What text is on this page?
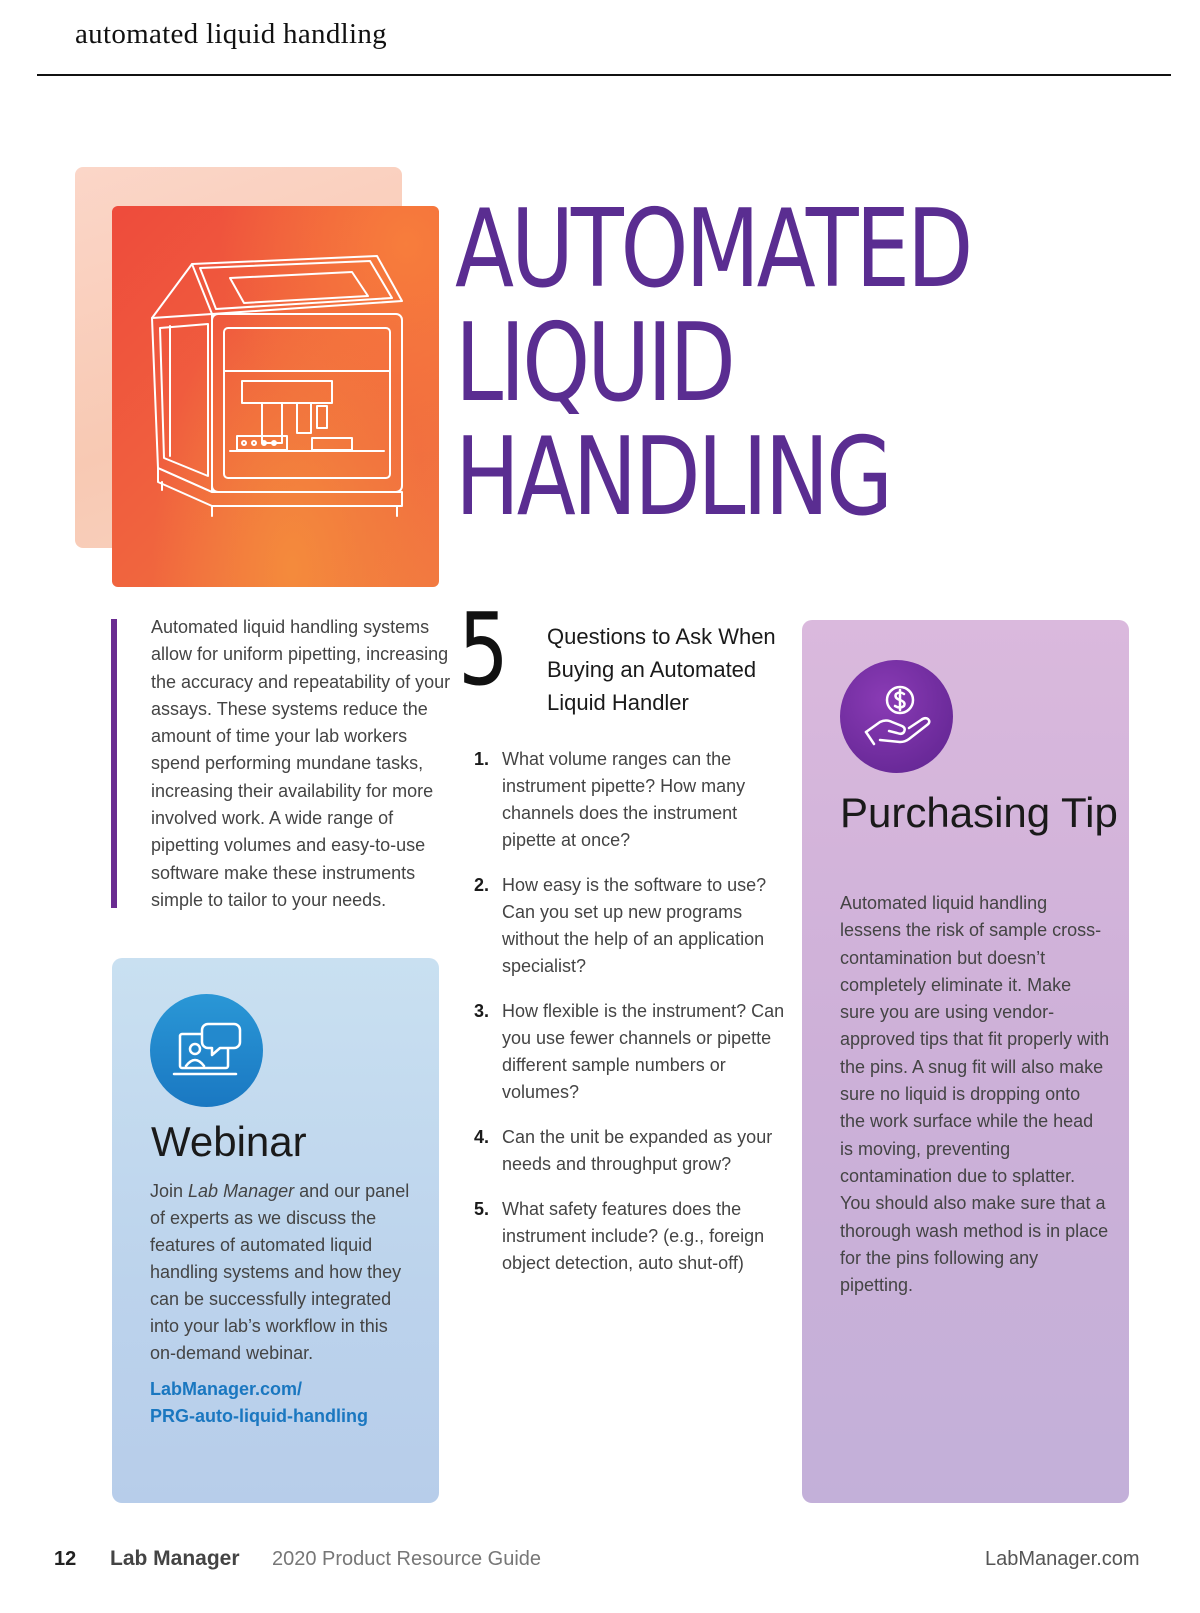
automated liquid handling
AUTOMATED
LIQUID
HANDLING
Automated liquid handling systems allow for uniform pipetting, increasing the accuracy and repeatability of your assays. These systems reduce the amount of time your lab workers spend performing mundane tasks, increasing their availability for more involved work. A wide range of pipetting volumes and easy-to-use software make these instruments simple to tailor to your needs.
Webinar
Join Lab Manager and our panel of experts as we discuss the features of automated liquid handling systems and how they can be successfully integrated into your lab’s workflow in this on-demand webinar.
LabManager.com/
PRG-auto-liquid-handling
5 Questions to Ask When Buying an Automated Liquid Handler
1. What volume ranges can the instrument pipette? How many channels does the instrument pipette at once?
2. How easy is the software to use? Can you set up new programs without the help of an application specialist?
3. How flexible is the instrument? Can you use fewer channels or pipette different sample numbers or volumes?
4. Can the unit be expanded as your needs and throughput grow?
5. What safety features does the instrument include? (e.g., foreign object detection, auto shut-off)
Purchasing Tip
Automated liquid handling lessens the risk of sample cross-contamination but doesn’t completely eliminate it. Make sure you are using vendor-approved tips that fit properly with the pins. A snug fit will also make sure no liquid is dropping onto the work surface while the head is moving, preventing contamination due to splatter. You should also make sure that a thorough wash method is in place for the pins following any pipetting.
12 Lab Manager 2020 Product Resource Guide	LabManager.com
